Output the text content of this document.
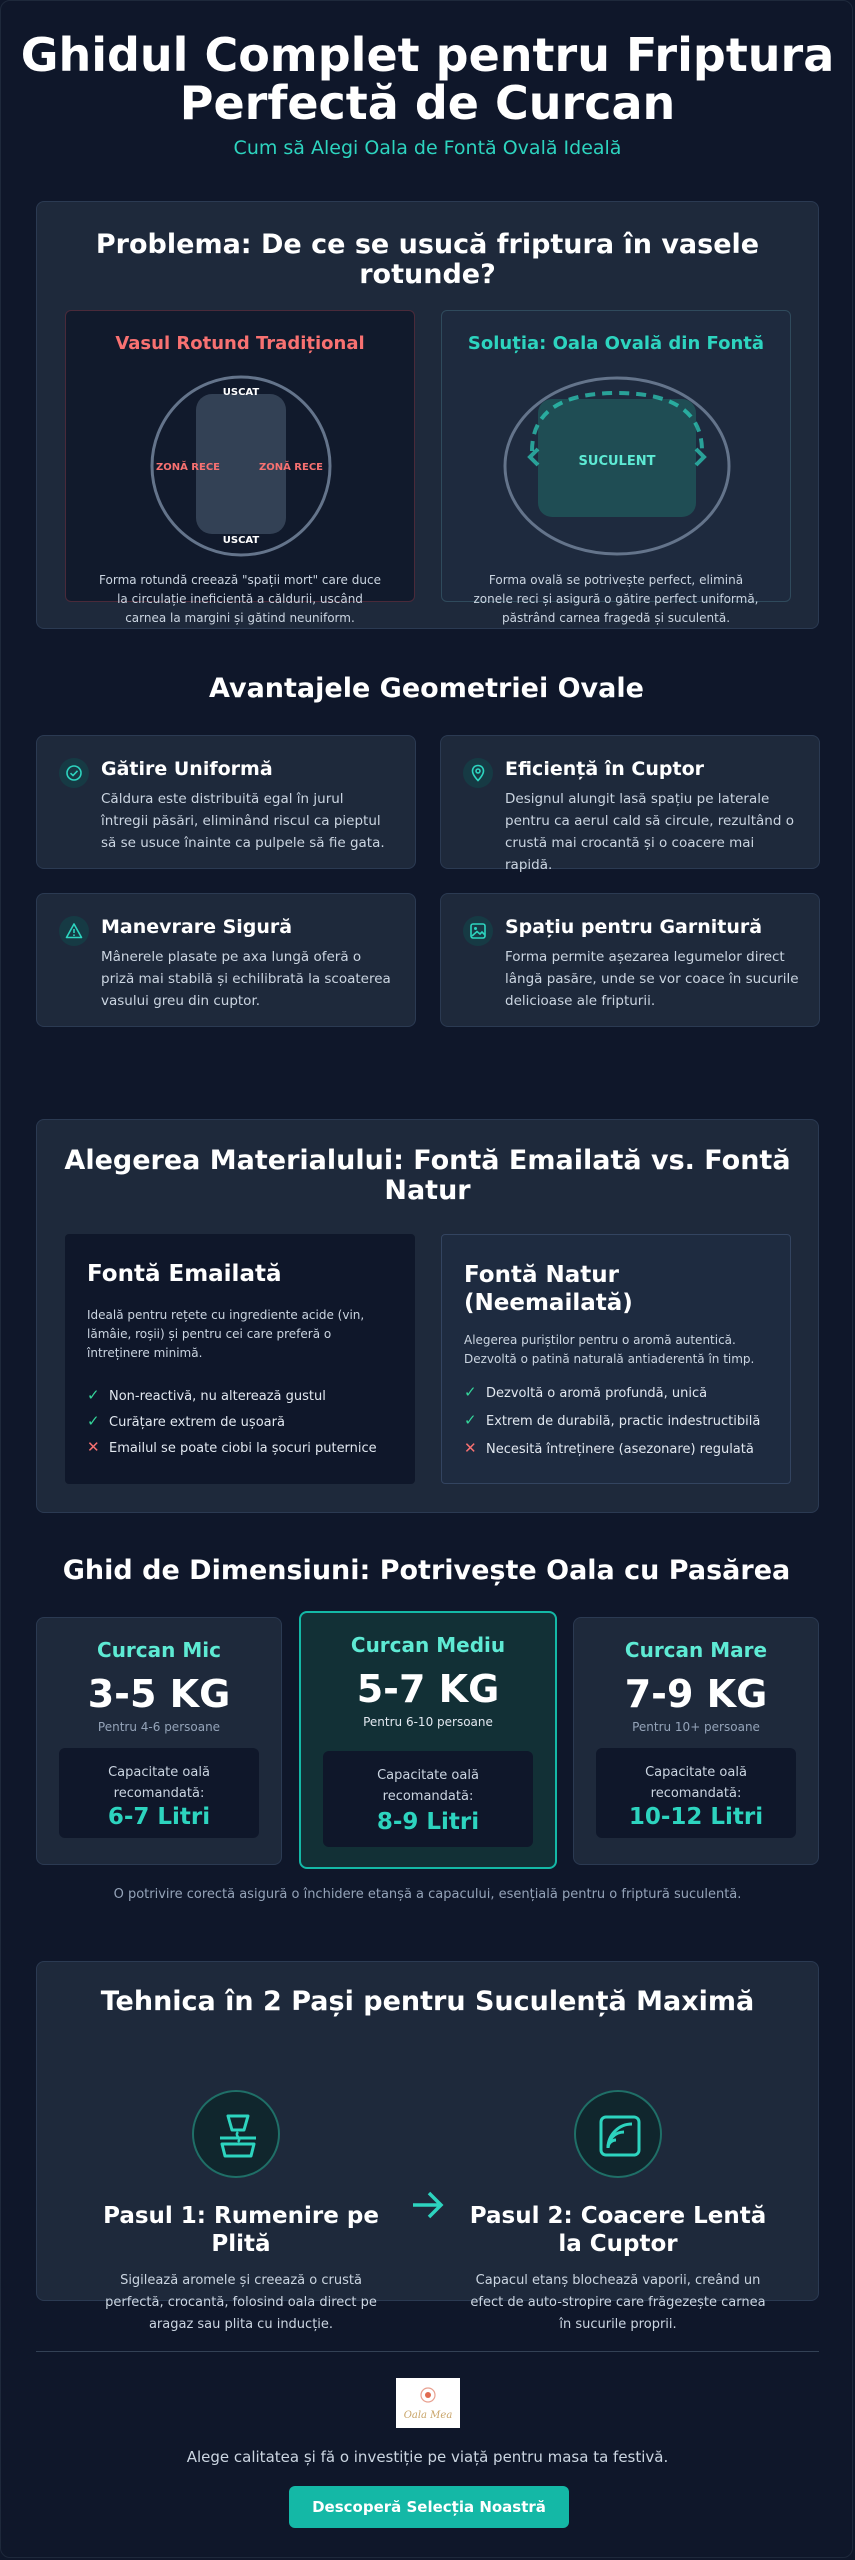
Ghidul Complet pentru Friptura
Perfectă de Curcan
Cum să Alegi Oala de Fontă Ovală Ideală
Problema: De ce se usucă friptura în vasele
rotunde?
Vasul Rotund Tradițional
USCAT
USCAT
ZONĂ RECE	ZONĂ RECE
Forma rotundă creează "spații mort" care duce la circulație ineficientă a căldurii, uscând carnea la margini și gătind neuniform.
Soluția: Oala Ovală din Fontă
SUCULENT
Forma ovală se potrivește perfect, elimină zonele reci și asigură o gătire perfect uniformă, păstrând carnea fragedă și suculentă.
Avantajele Geometriei Ovale
Gătire Uniformă
Căldura este distribuită egal în jurul întregii păsări, eliminând riscul ca pieptul să se usuce înainte ca pulpele să fie gata.
Eficiență în Cuptor
Designul alungit lasă spațiu pe laterale pentru ca aerul cald să circule, rezultând o crustă mai crocantă și o coacere mai rapidă.
Manevrare Sigură
Mânerele plasate pe axa lungă oferă o priză mai stabilă și echilibrată la scoaterea vasului greu din cuptor.
Spațiu pentru Garnitură
Forma permite așezarea legumelor direct lângă pasăre, unde se vor coace în sucurile delicioase ale fripturii.
Alegerea Materialului: Fontă Emailată vs. Fontă
Natur
Fontă Emailată
Ideală pentru rețete cu ingrediente acide (vin, lămâie, roșii) și pentru cei care preferă o întreținere minimă.
✓ Non-reactivă, nu alterează gustul
✓ Curățare extrem de ușoară
✕ Emailul se poate ciobi la șocuri puternice
Fontă Natur
(Neemailată)
Alegerea puriștilor pentru o aromă autentică. Dezvoltă o patină naturală antiaderentă în timp.
✓ Dezvoltă o aromă profundă, unică
✓ Extrem de durabilă, practic indestructibilă
✕ Necesită întreținere (asezonare) regulată
Ghid de Dimensiuni: Potrivește Oala cu Pasărea
Curcan Mic
3-5 KG
Pentru 4-6 persoane
Capacitate oală recomandată:
6-7 Litri
Curcan Mediu
5-7 KG
Pentru 6-10 persoane
Capacitate oală recomandată:
8-9 Litri
Curcan Mare
7-9 KG
Pentru 10+ persoane
Capacitate oală recomandată:
10-12 Litri
O potrivire corectă asigură o închidere etanșă a capacului, esențială pentru o friptură suculentă.
Tehnica în 2 Pași pentru Suculență Maximă
Pasul 1: Rumenire pe
Plită
Sigilează aromele și creează o crustă perfectă, crocantă, folosind oala direct pe aragaz sau plita cu inducție.
Pasul 2: Coacere Lentă
la Cuptor
Capacul etanș blochează vaporii, creând un efect de auto-stropire care frăgezește carnea în sucurile proprii.
Oala Mea
Alege calitatea și fă o investiție pe viață pentru masa ta festivă.
Descoperă Selecția Noastră
